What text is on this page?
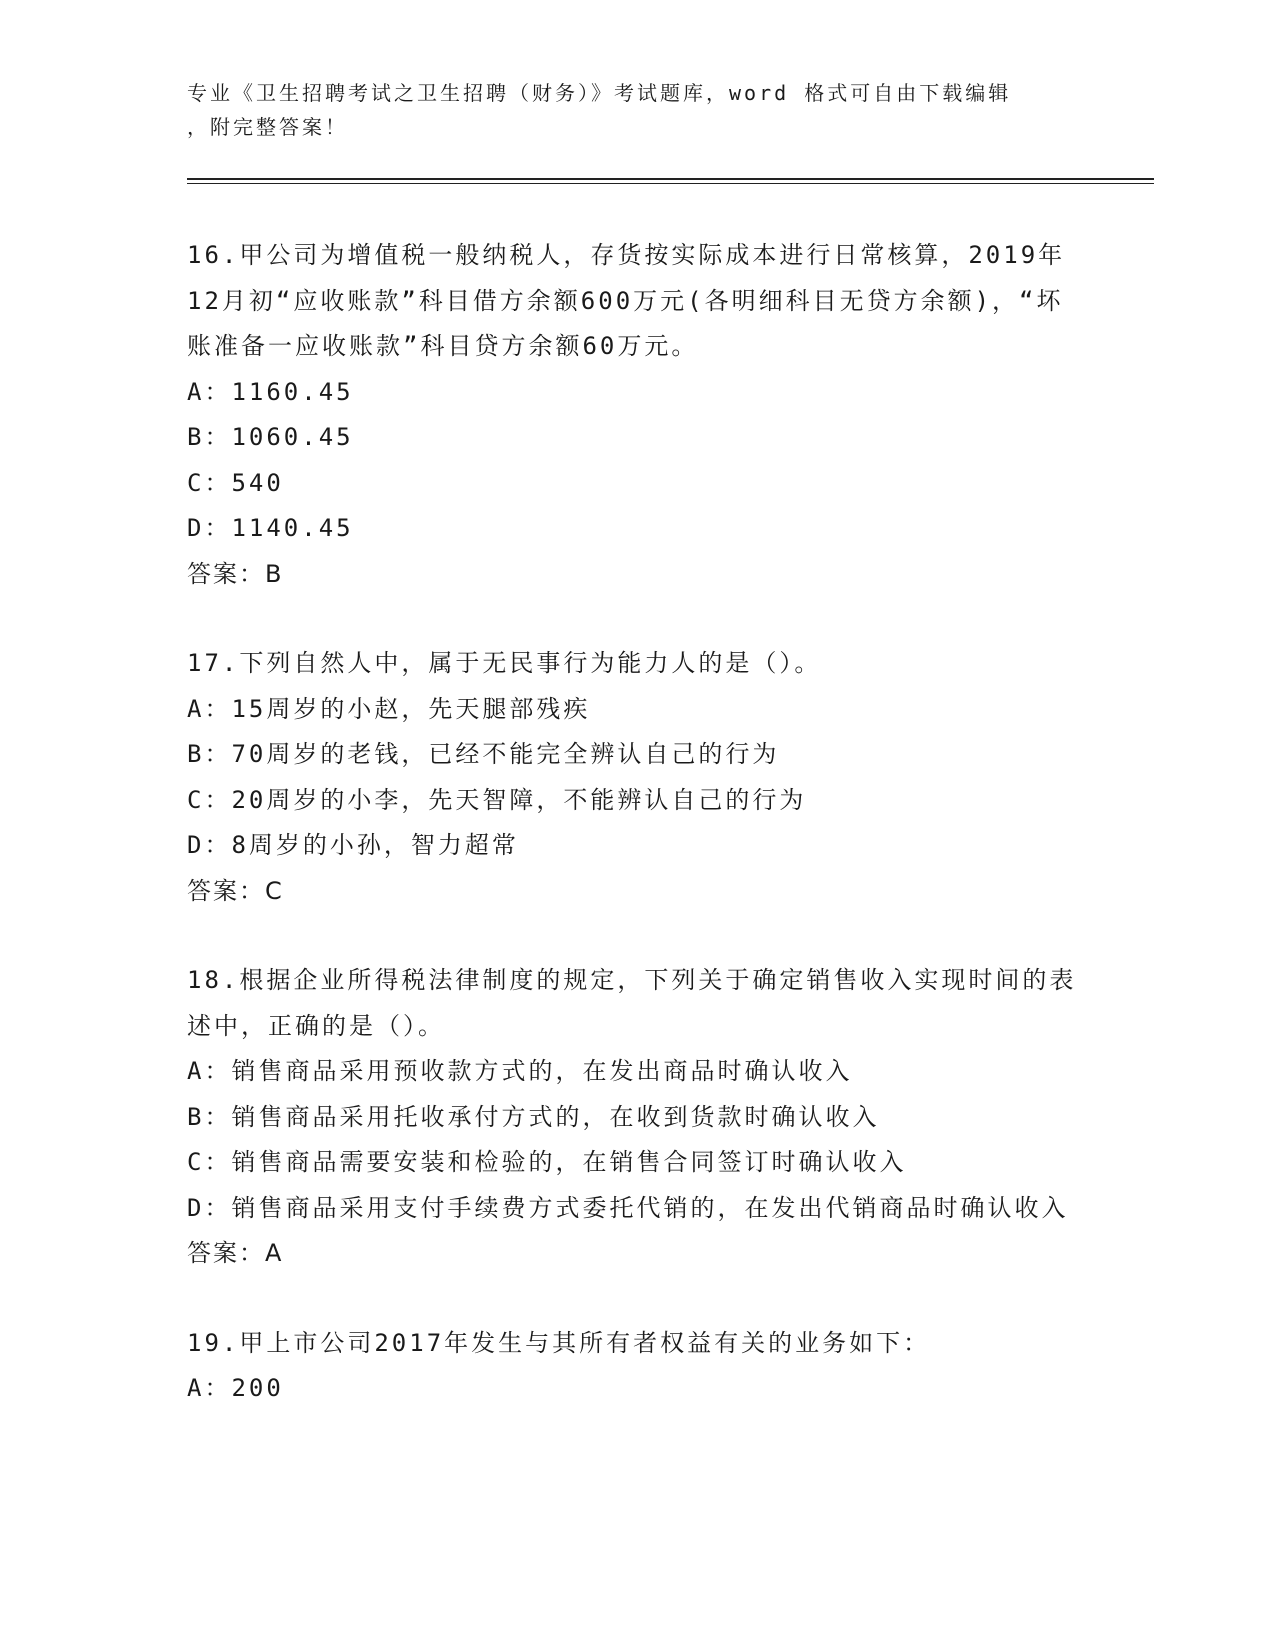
专业《卫生招聘考试之卫生招聘（财务）》考试题库，word 格式可自由下载编辑
，附完整答案！

16.甲公司为增值税一般纳税人，存货按实际成本进行日常核算，2019年12月初“应收账款”科目借方余额600万元(各明细科目无贷方余额)，“坏账准备一应收账款”科目贷方余额60万元。

A：1160.45

B：1060.45

C：540

D：1140.45

答案：B

17.下列自然人中，属于无民事行为能力人的是（）。

A：15周岁的小赵，先天腿部残疾

B：70周岁的老钱，已经不能完全辨认自己的行为

C：20周岁的小李，先天智障，不能辨认自己的行为

D：8周岁的小孙，智力超常

答案：C

18.根据企业所得税法律制度的规定，下列关于确定销售收入实现时间的表述中，正确的是（）。

A：销售商品采用预收款方式的，在发出商品时确认收入

B：销售商品采用托收承付方式的，在收到货款时确认收入

C：销售商品需要安装和检验的，在销售合同签订时确认收入

D：销售商品采用支付手续费方式委托代销的，在发出代销商品时确认收入

答案：A

19.甲上市公司2017年发生与其所有者权益有关的业务如下：

A：200
